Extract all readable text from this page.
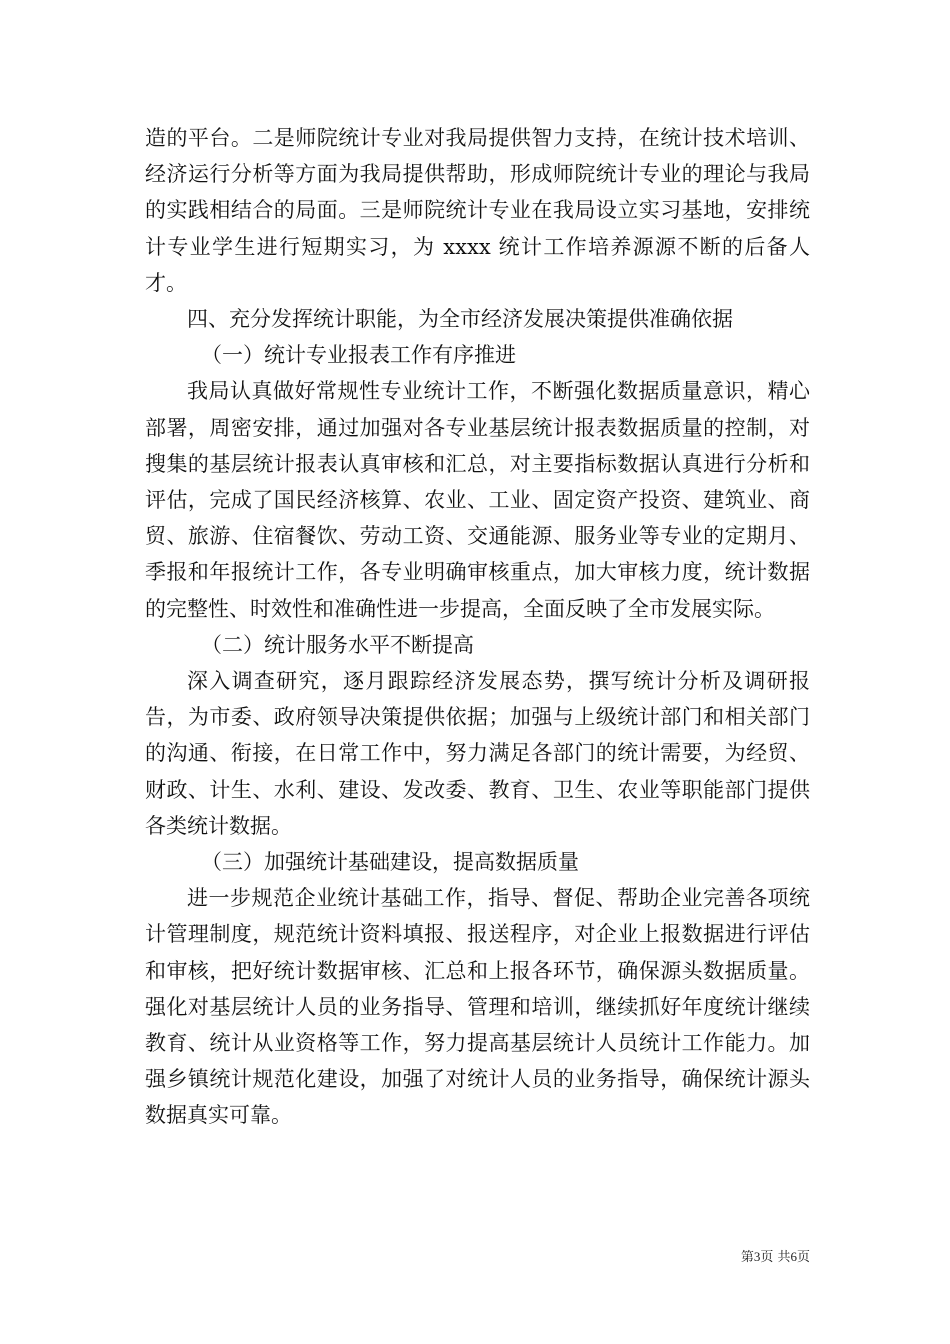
造的平台。二是师院统计专业对我局提供智力支持，在统计技术培训、经济运行分析等方面为我局提供帮助，形成师院统计专业的理论与我局的实践相结合的局面。三是师院统计专业在我局设立实习基地，安排统计专业学生进行短期实习，为 xxxx 统计工作培养源源不断的后备人才。

四、充分发挥统计职能，为全市经济发展决策提供准确依据

（一）统计专业报表工作有序推进

我局认真做好常规性专业统计工作，不断强化数据质量意识，精心部署，周密安排，通过加强对各专业基层统计报表数据质量的控制，对搜集的基层统计报表认真审核和汇总，对主要指标数据认真进行分析和评估，完成了国民经济核算、农业、工业、固定资产投资、建筑业、商贸、旅游、住宿餐饮、劳动工资、交通能源、服务业等专业的定期月、季报和年报统计工作，各专业明确审核重点，加大审核力度，统计数据的完整性、时效性和准确性进一步提高，全面反映了全市发展实际。

（二）统计服务水平不断提高

深入调查研究，逐月跟踪经济发展态势，撰写统计分析及调研报告，为市委、政府领导决策提供依据；加强与上级统计部门和相关部门的沟通、衔接，在日常工作中，努力满足各部门的统计需要，为经贸、财政、计生、水利、建设、发改委、教育、卫生、农业等职能部门提供各类统计数据。

（三）加强统计基础建设，提高数据质量

进一步规范企业统计基础工作，指导、督促、帮助企业完善各项统计管理制度，规范统计资料填报、报送程序，对企业上报数据进行评估和审核，把好统计数据审核、汇总和上报各环节，确保源头数据质量。强化对基层统计人员的业务指导、管理和培训，继续抓好年度统计继续教育、统计从业资格等工作，努力提高基层统计人员统计工作能力。加强乡镇统计规范化建设，加强了对统计人员的业务指导，确保统计源头数据真实可靠。

第3页 共6页
